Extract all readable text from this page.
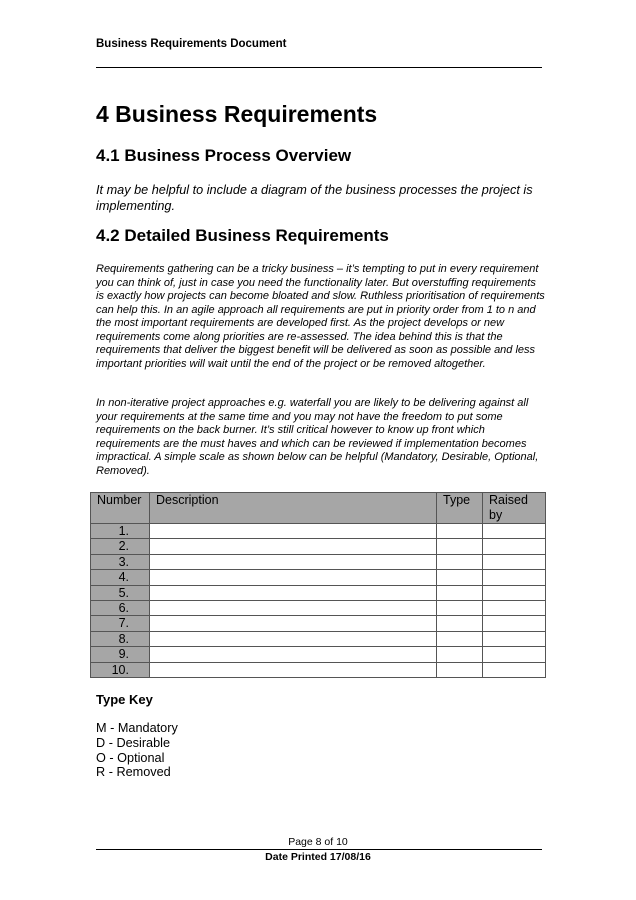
Business Requirements Document
4 Business Requirements
4.1 Business Process Overview

It may be helpful to include a diagram of the business processes the project is implementing.

4.2 Detailed Business Requirements

Requirements gathering can be a tricky business – it’s tempting to put in every requirement you can think of, just in case you need the functionality later. But overstuffing requirements is exactly how projects can become bloated and slow. Ruthless prioritisation of requirements can help this. In an agile approach all requirements are put in priority order from 1 to n and the most important requirements are developed first. As the project develops or new requirements come along priorities are re-assessed. The idea behind this is that the requirements that deliver the biggest benefit will be delivered as soon as possible and less important priorities will wait until the end of the project or be removed altogether.

In non-iterative project approaches e.g. waterfall you are likely to be delivering against all your requirements at the same time and you may not have the freedom to put some requirements on the back burner. It’s still critical however to know up front which requirements are the must haves and which can be reviewed if implementation becomes impractical. A simple scale as shown below can be helpful (Mandatory, Desirable, Optional, Removed).

Number	Description	Type	Raised by
1.			
2.			
3.			
4.			
5.			
6.			
7.			
8.			
9.			
10.			
Type Key
M - Mandatory
D - Desirable
O - Optional
R - Removed
Page 8 of 10
Date Printed 17/08/16
